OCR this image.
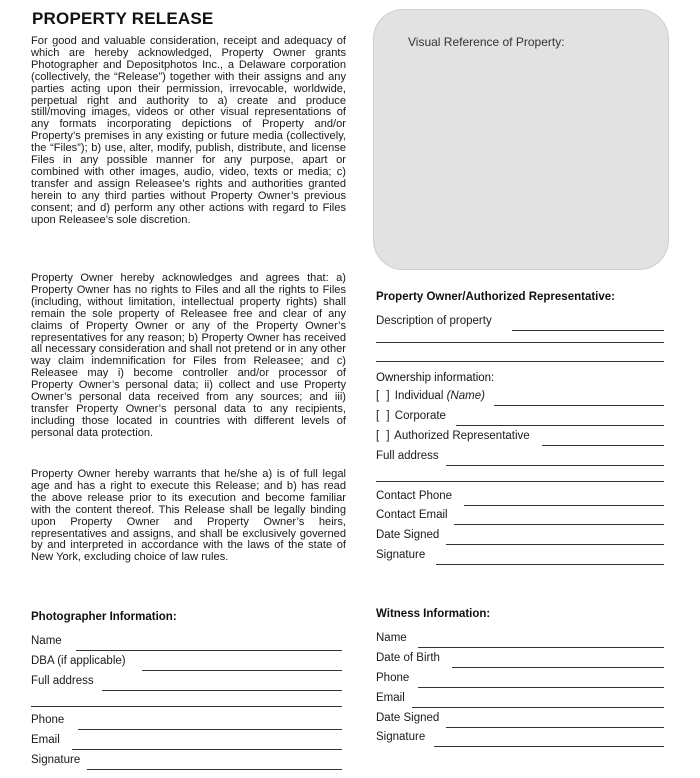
PROPERTY RELEASE

For good and valuable consideration, receipt and adequacy of which are hereby acknowledged, Property Owner grants Photographer and Depositphotos Inc., a Delaware corporation (collectively, the “Release”) together with their assigns and any parties acting upon their permission, irrevocable, worldwide, perpetual right and authority to a) create and produce still/moving images, videos or other visual representations of any formats incorporating depictions of Property and/or Property’s premises in any existing or future media (collectively, the “Files”); b) use, alter, modify, publish, distribute, and license Files in any possible manner for any purpose, apart or combined with other images, audio, video, texts or media; c) transfer and assign Releasee’s rights and authorities granted herein to any third parties without Property Owner’s previous consent; and d) perform any other actions with regard to Files upon Releasee’s sole discretion.

Property Owner hereby acknowledges and agrees that: a) Property Owner has no rights to Files and all the rights to Files (including, without limitation, intellectual property rights) shall remain the sole property of Releasee free and clear of any claims of Property Owner or any of the Property Owner’s representatives for any reason; b) Property Owner has received all necessary consideration and shall not pretend or in any other way claim indemnification for Files from Releasee; and c) Releasee may i) become controller and/or processor of Property Owner’s personal data; ii) collect and use Property Owner’s personal data received from any sources; and iii) transfer Property Owner’s personal data to any recipients, including those located in countries with different levels of personal data protection.

Property Owner hereby warrants that he/she a) is of full legal age and has a right to execute this Release; and b) has read the above release prior to its execution and become familiar with the content thereof. This Release shall be legally binding upon Property Owner and Property Owner’s heirs, representatives and assigns, and shall be exclusively governed by and interpreted in accordance with the laws of the state of New York, excluding choice of law rules.

Visual Reference of Property:
Property Owner/Authorized Representative:
Description of property
Ownership information:
[ ] Individual (Name)
[ ] Corporate
[ ] Authorized Representative
Full address
Contact Phone
Contact Email
Date Signed
Signature
Photographer Information:
Name
DBA (if applicable)
Full address
Phone
Email
Signature
Witness Information:
Name
Date of Birth
Phone
Email
Date Signed
Signature
